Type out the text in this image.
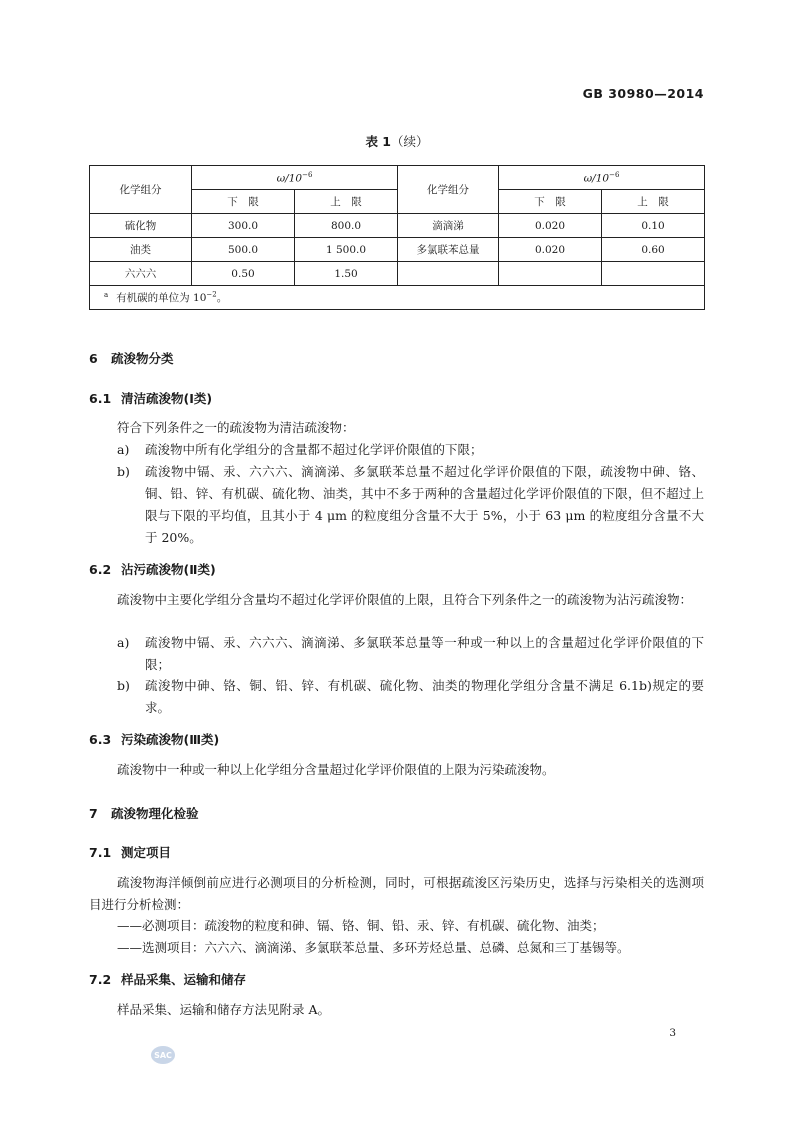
GB 30980—2014
表 1（续）
化学组分	$\omega/10^{-6}$		化学组分	$\omega/10^{-6}$
	下　限	上　限		下　限	上　限
硫化物	300.0	800.0	滴滴涕	0.020	0.10
油类	500.0	1 500.0	多氯联苯总量	0.020	0.60
六六六	0.50	1.50			
$^a$ 有机碳的单位为 $10^{-2}$。					
6 疏浚物分类
6.1 清洁疏浚物(Ⅰ类)
符合下列条件之一的疏浚物为清洁疏浚物：
a) 疏浚物中所有化学组分的含量都不超过化学评价限值的下限；
b) 疏浚物中镉、汞、六六六、滴滴涕、多氯联苯总量不超过化学评价限值的下限，疏浚物中砷、铬、铜、铅、锌、有机碳、硫化物、油类，其中不多于两种的含量超过化学评价限值的下限，但不超过上限与下限的平均值，且其小于 4 μm 的粒度组分含量不大于 5%，小于 63 μm 的粒度组分含量不大于 20%。
6.2 沾污疏浚物(Ⅱ类)
疏浚物中主要化学组分含量均不超过化学评价限值的上限，且符合下列条件之一的疏浚物为沾污疏浚物：
a) 疏浚物中镉、汞、六六六、滴滴涕、多氯联苯总量等一种或一种以上的含量超过化学评价限值的下限；
b) 疏浚物中砷、铬、铜、铅、锌、有机碳、硫化物、油类的物理化学组分含量不满足 6.1b)规定的要求。
6.3 污染疏浚物(Ⅲ类)
疏浚物中一种或一种以上化学组分含量超过化学评价限值的上限为污染疏浚物。
7 疏浚物理化检验
7.1 测定项目
疏浚物海洋倾倒前应进行必测项目的分析检测，同时，可根据疏浚区污染历史，选择与污染相关的选测项目进行分析检测：
——必测项目：疏浚物的粒度和砷、镉、铬、铜、铅、汞、锌、有机碳、硫化物、油类；
——选测项目：六六六、滴滴涕、多氯联苯总量、多环芳烃总量、总磷、总氮和三丁基锡等。
7.2 样品采集、运输和储存
样品采集、运输和储存方法见附录 A。
3
SAC
